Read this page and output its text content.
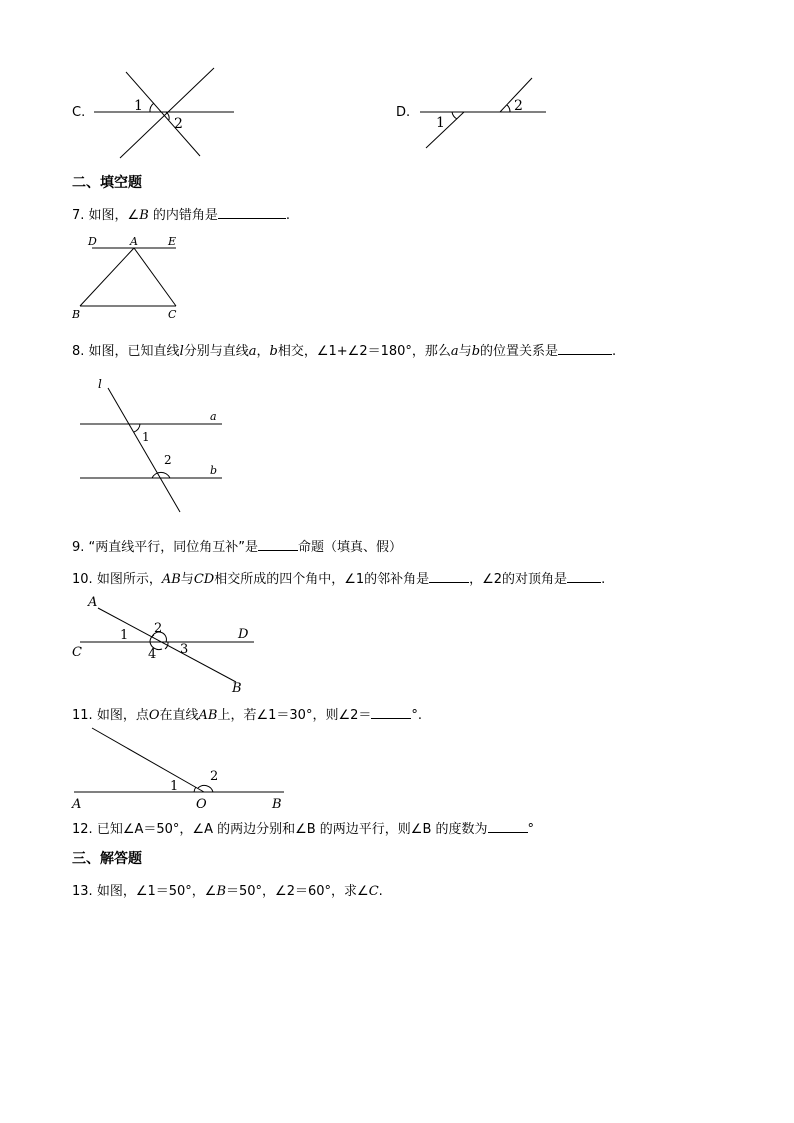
C.	1
2
D.
1
2
二、填空题
7. 如图，∠B 的内错角是	.
D	A	E
B	C
8. 如图，已知直线l分别与直线a，b相交，∠1+∠2＝180°，那么a与b的位置关系是	.
l
a
b
1
2
9. “两直线平行，同位角互补”是	命题（填真、假）
10. 如图所示，AB与CD相交所成的四个角中，∠1的邻补角是	，∠2的对顶角是	.
A
C
D
B
1 2
3
4
11. 如图，点O在直线AB上，若∠1＝30°，则∠2＝	°.
A	O	B
1
2
12. 已知∠A＝50°，∠A 的两边分别和∠B 的两边平行，则∠B 的度数为	°
三、解答题
13. 如图，∠1＝50°，∠B＝50°，∠2＝60°，求∠C.
